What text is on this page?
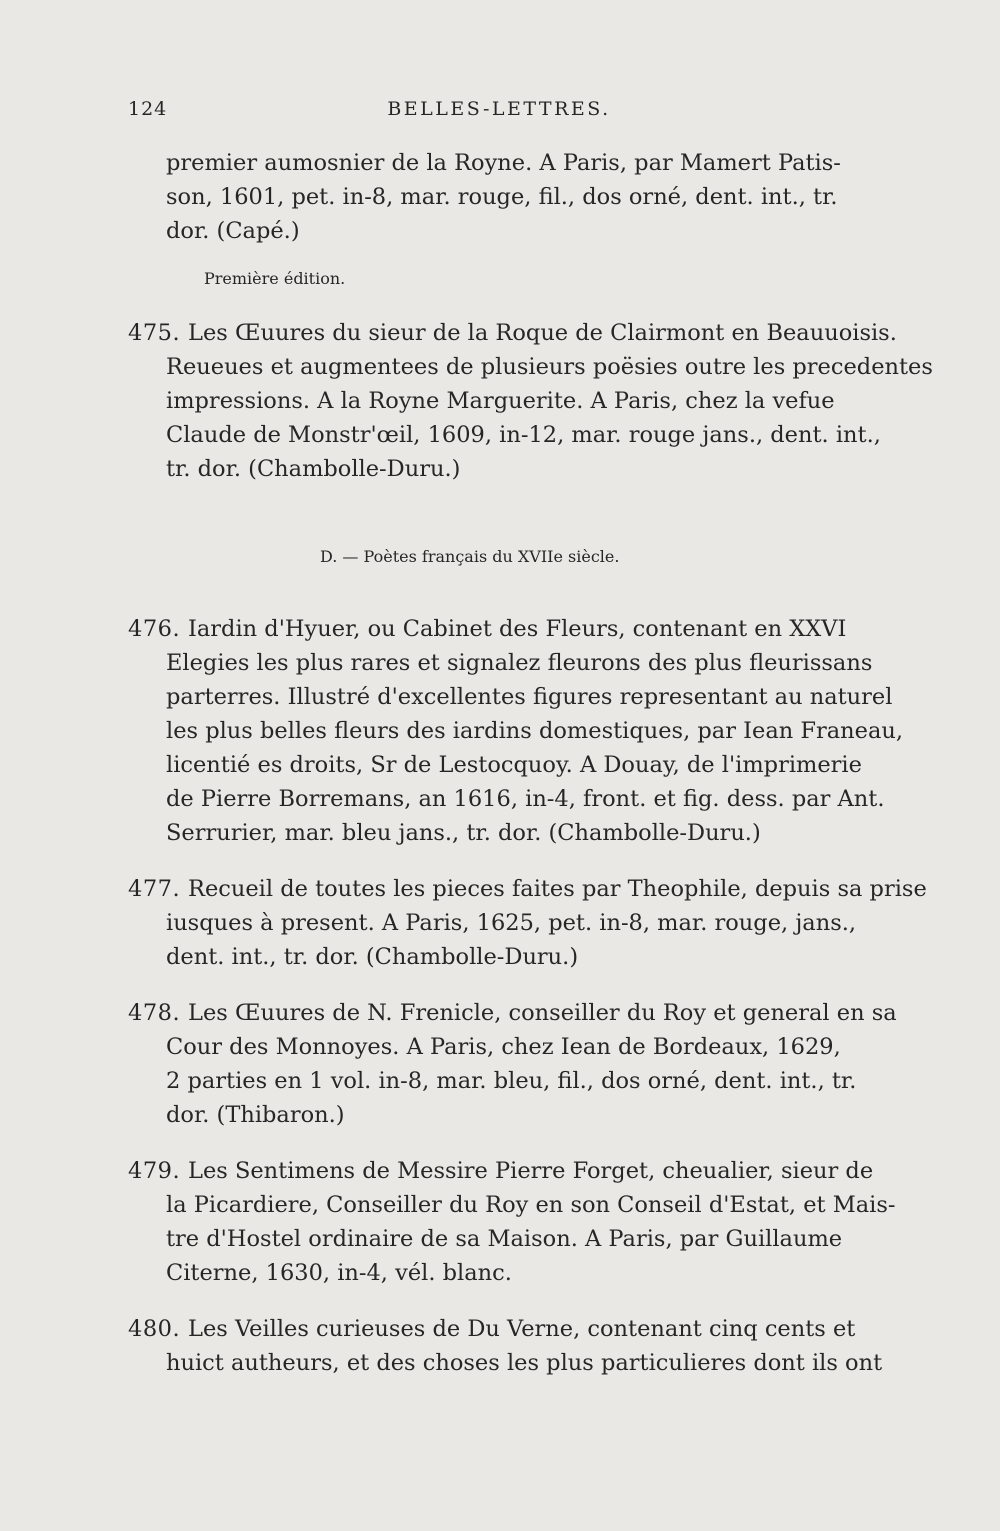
124	BELLES-LETTRES.
premier aumosnier de la Royne. A Paris, par Mamert Patis-
son, 1601, pet. in-8, mar. rouge, fil., dos orné, dent. int., tr.
dor. (Capé.)
Première édition.
475. Les Œuures du sieur de la Roque de Clairmont en Beauuoisis.
Reueues et augmentees de plusieurs poësies outre les precedentes
impressions. A la Royne Marguerite. A Paris, chez la vefue
Claude de Monstr'œil, 1609, in-12, mar. rouge jans., dent. int.,
tr. dor. (Chambolle-Duru.)
D. — Poètes français du XVIIe siècle.
476. Iardin d'Hyuer, ou Cabinet des Fleurs, contenant en XXVI
Elegies les plus rares et signalez fleurons des plus fleurissans
parterres. Illustré d'excellentes figures representant au naturel
les plus belles fleurs des iardins domestiques, par Iean Franeau,
licentié es droits, Sr de Lestocquoy. A Douay, de l'imprimerie
de Pierre Borremans, an 1616, in-4, front. et fig. dess. par Ant.
Serrurier, mar. bleu jans., tr. dor. (Chambolle-Duru.)
477. Recueil de toutes les pieces faites par Theophile, depuis sa prise
iusques à present. A Paris, 1625, pet. in-8, mar. rouge, jans.,
dent. int., tr. dor. (Chambolle-Duru.)
478. Les Œuures de N. Frenicle, conseiller du Roy et general en sa
Cour des Monnoyes. A Paris, chez Iean de Bordeaux, 1629,
2 parties en 1 vol. in-8, mar. bleu, fil., dos orné, dent. int., tr.
dor. (Thibaron.)
479. Les Sentimens de Messire Pierre Forget, cheualier, sieur de
la Picardiere, Conseiller du Roy en son Conseil d'Estat, et Mais-
tre d'Hostel ordinaire de sa Maison. A Paris, par Guillaume
Citerne, 1630, in-4, vél. blanc.
480. Les Veilles curieuses de Du Verne, contenant cinq cents et
huict autheurs, et des choses les plus particulieres dont ils ont
